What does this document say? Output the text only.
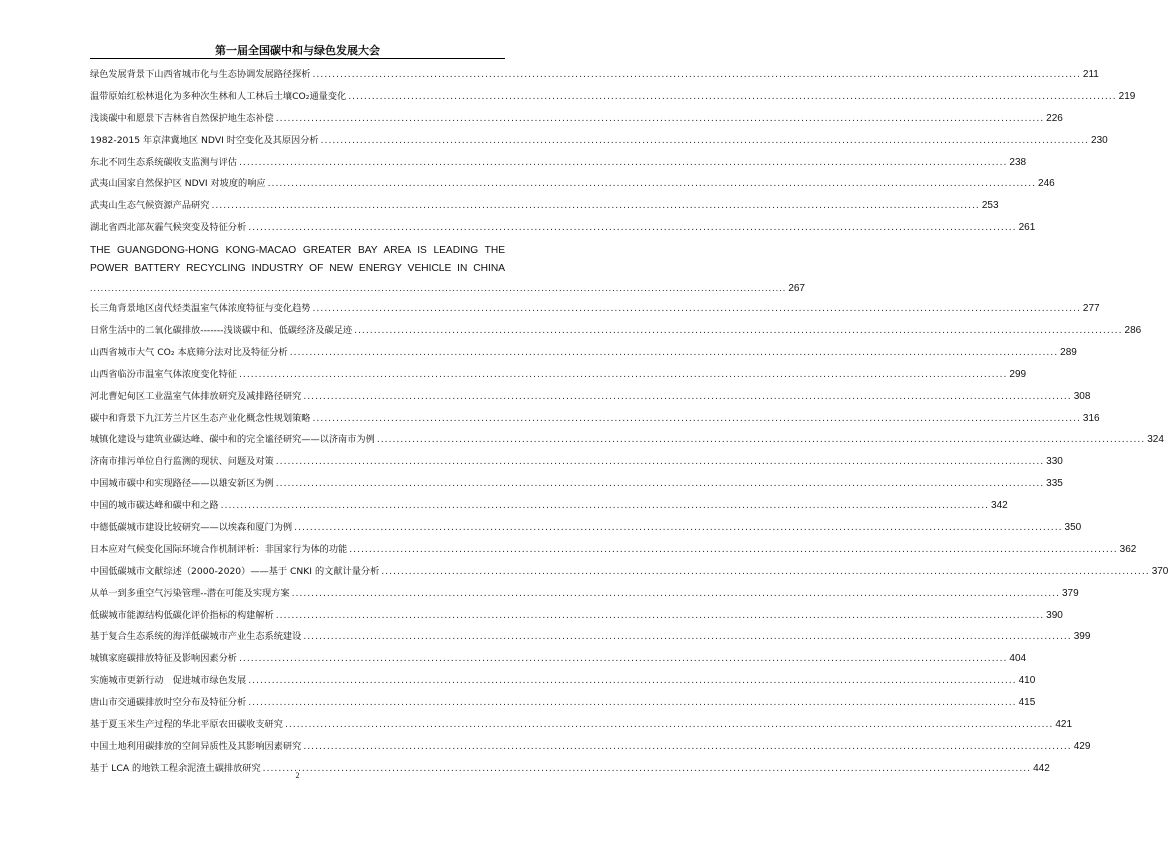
第一届全国碳中和与绿色发展大会
绿色发展背景下山西省城市化与生态协调发展路径探析 .....	211
温带原始红松林退化为多种次生林和人工林后土壤CO₂通量变化 .....	219
浅谈碳中和愿景下吉林省自然保护地生态补偿 .....	226
1982-2015 年京津冀地区 NDVI 时空变化及其原因分析 .....	230
东北不同生态系统碳收支监测与评估 .....	238
武夷山国家自然保护区 NDVI 对坡度的响应 .....	246
武夷山生态气候资源产品研究 .....	253
湖北省西北部灰霾气候突变及特征分析 .....	261
THE GUANGDONG-HONG KONG-MACAO GREATER BAY AREA IS LEADING THE
POWER BATTERY RECYCLING INDUSTRY OF NEW ENERGY VEHICLE IN CHINA
.....
267
长三角背景地区卤代烃类温室气体浓度特征与变化趋势 .....	277
日常生活中的二氧化碳排放-------浅谈碳中和、低碳经济及碳足迹 .....	286
山西省城市大气 CO₂ 本底筛分法对比及特征分析 .....	289
山西省临汾市温室气体浓度变化特征 .....	299
河北曹妃甸区工业温室气体排放研究及减排路径研究 .....	308
碳中和背景下九江芳兰片区生态产业化概念性规划策略 .....	316
城镇化建设与建筑业碳达峰、碳中和的完全谧径研究——以济南市为例 .....	324
济南市排污单位自行监测的现状、问题及对策 .....	330
中国城市碳中和实现路径——以雄安新区为例 .....	335
中国的城市碳达峰和碳中和之路 .....	342
中德低碳城市建设比较研究——以埃森和厦门为例 .....	350
日本应对气候变化国际环境合作机制评析：非国家行为体的功能 .....	362
中国低碳城市文献综述（2000-2020）——基于 CNKI 的文献计量分析 .....	370
从单一到多重空气污染管理--潜在可能及实现方案 .....	379
低碳城市能源结构低碳化评价指标的构建解析 .....	390
基于复合生态系统的海洋低碳城市产业生态系统建设 .....	399
城镇家庭碳排放特征及影响因素分析 .....	404
实施城市更新行动　促进城市绿色发展 .....	410
唐山市交通碳排放时空分布及特征分析 .....	415
基于夏玉米生产过程的华北平原农田碳收支研究 .....	421
中国土地利用碳排放的空间异质性及其影响因素研究 .....	429
基于 LCA 的地铁工程余泥渣土碳排放研究 .....	442
2
